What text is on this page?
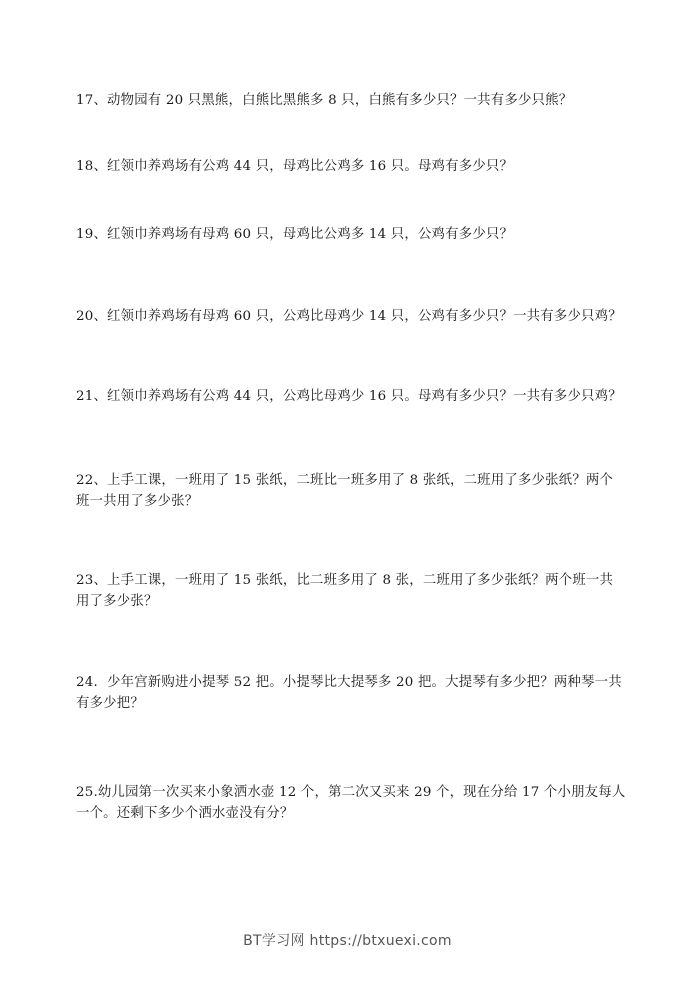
17、动物园有 20 只黑熊，白熊比黑熊多 8 只，白熊有多少只？一共有多少只熊？

18、红领巾养鸡场有公鸡 44 只，母鸡比公鸡多 16 只。母鸡有多少只？

19、红领巾养鸡场有母鸡 60 只，母鸡比公鸡多 14 只，公鸡有多少只？

20、红领巾养鸡场有母鸡 60 只，公鸡比母鸡少 14 只，公鸡有多少只？一共有多少只鸡？

21、红领巾养鸡场有公鸡 44 只，公鸡比母鸡少 16 只。母鸡有多少只？一共有多少只鸡？

22、上手工课，一班用了 15 张纸，二班比一班多用了 8 张纸，二班用了多少张纸？两个
班一共用了多少张？

23、上手工课，一班用了 15 张纸，比二班多用了 8 张，二班用了多少张纸？两个班一共
用了多少张？

24．少年宫新购进小提琴 52 把。小提琴比大提琴多 20 把。大提琴有多少把？两种琴一共
有多少把？

25.幼儿园第一次买来小象洒水壶 12 个，第二次又买来 29 个，现在分给 17 个小朋友每人
一个。还剩下多少个洒水壶没有分？

BT学习网 https://btxuexi.com
